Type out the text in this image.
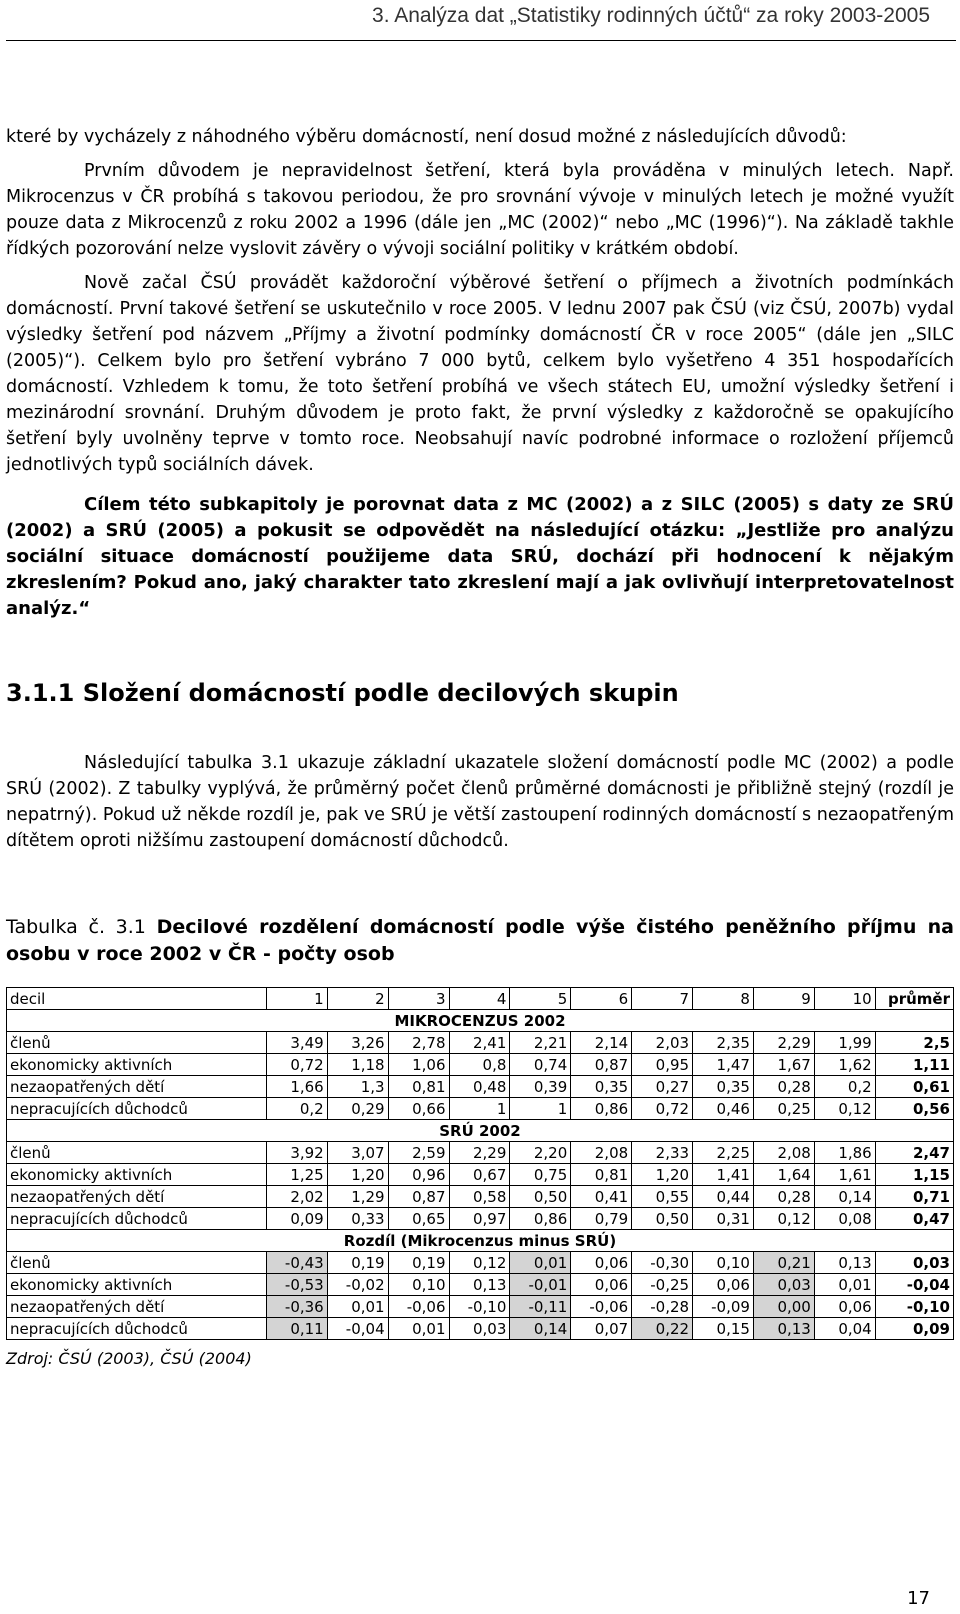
3. Analýza dat „Statistiky rodinných účtů“ za roky 2003-2005

které by vycházely z náhodného výběru domácností, není dosud možné z následujících důvodů:

Prvním důvodem je nepravidelnost šetření, která byla prováděna v minulých letech. Např. Mikrocenzus v ČR probíhá s takovou periodou, že pro srovnání vývoje v minulých letech je možné využít pouze data z Mikrocenzů z roku 2002 a 1996 (dále jen „MC (2002)“ nebo „MC (1996)“). Na základě takhle řídkých pozorování nelze vyslovit závěry o vývoji sociální politiky v krátkém období.

Nově začal ČSÚ provádět každoroční výběrové šetření o příjmech a životních podmínkách domácností. První takové šetření se uskutečnilo v roce 2005. V lednu 2007 pak ČSÚ (viz ČSÚ, 2007b) vydal výsledky šetření pod názvem „Příjmy a životní podmínky domácností ČR v roce 2005“ (dále jen „SILC (2005)“). Celkem bylo pro šetření vybráno 7 000 bytů, celkem bylo vyšetřeno 4 351 hospodařících domácností. Vzhledem k tomu, že toto šetření probíhá ve všech státech EU, umožní výsledky šetření i mezinárodní srovnání. Druhým důvodem je proto fakt, že první výsledky z každoročně se opakujícího šetření byly uvolněny teprve v tomto roce. Neobsahují navíc podrobné informace o rozložení příjemců jednotlivých typů sociálních dávek.

Cílem této subkapitoly je porovnat data z MC (2002) a z SILC (2005) s daty ze SRÚ (2002) a SRÚ (2005) a pokusit se odpovědět na následující otázku: „Jestliže pro analýzu sociální situace domácností použijeme data SRÚ, dochází při hodnocení k nějakým zkreslením? Pokud ano, jaký charakter tato zkreslení mají a jak ovlivňují interpretovatelnost analýz.“

3.1.1 Složení domácností podle decilových skupin

Následující tabulka 3.1 ukazuje základní ukazatele složení domácností podle MC (2002) a podle SRÚ (2002). Z tabulky vyplývá, že průměrný počet členů průměrné domácnosti je přibližně stejný (rozdíl je nepatrný). Pokud už někde rozdíl je, pak ve SRÚ je větší zastoupení rodinných domácností s nezaopatřeným dítětem oproti nižšímu zastoupení domácností důchodců.

Tabulka č. 3.1 Decilové rozdělení domácností podle výše čistého peněžního příjmu na osobu v roce 2002 v ČR - počty osob

decil	1	2	3	4	5	6	7	8	9	10	průměr
MIKROCENZUS 2002											
členů	3,49	3,26	2,78	2,41	2,21	2,14	2,03	2,35	2,29	1,99	2,5
ekonomicky aktivních	0,72	1,18	1,06	0,8	0,74	0,87	0,95	1,47	1,67	1,62	1,11
nezaopatřených dětí	1,66	1,3	0,81	0,48	0,39	0,35	0,27	0,35	0,28	0,2	0,61
nepracujících důchodců	0,2	0,29	0,66	1	1	0,86	0,72	0,46	0,25	0,12	0,56
SRÚ 2002											
členů	3,92	3,07	2,59	2,29	2,20	2,08	2,33	2,25	2,08	1,86	2,47
ekonomicky aktivních	1,25	1,20	0,96	0,67	0,75	0,81	1,20	1,41	1,64	1,61	1,15
nezaopatřených dětí	2,02	1,29	0,87	0,58	0,50	0,41	0,55	0,44	0,28	0,14	0,71
nepracujících důchodců	0,09	0,33	0,65	0,97	0,86	0,79	0,50	0,31	0,12	0,08	0,47
Rozdíl (Mikrocenzus minus SRÚ)											
členů	-0,43	0,19	0,19	0,12	0,01	0,06	-0,30	0,10	0,21	0,13	0,03
ekonomicky aktivních	-0,53	-0,02	0,10	0,13	-0,01	0,06	-0,25	0,06	0,03	0,01	-0,04
nezaopatřených dětí	-0,36	0,01	-0,06	-0,10	-0,11	-0,06	-0,28	-0,09	0,00	0,06	-0,10
nepracujících důchodců	0,11	-0,04	0,01	0,03	0,14	0,07	0,22	0,15	0,13	0,04	0,09

Zdroj: ČSÚ (2003), ČSÚ (2004)

17
